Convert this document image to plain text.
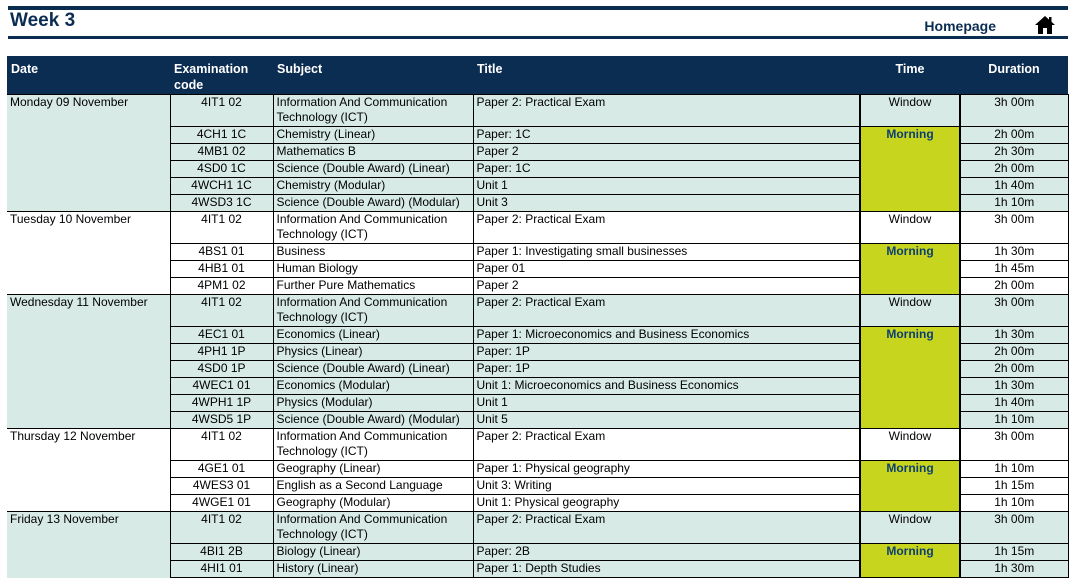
Week 3	Homepage
Date	Examination code	Subject	Title	Time	Duration
Monday 09 November	4IT1 02	Information And Communication Technology (ICT)	Paper 2: Practical Exam	Window	3h 00m
	4CH1 1C	Chemistry (Linear)	Paper: 1C	Morning	2h 00m
	4MB1 02	Mathematics B	Paper 2		2h 30m
	4SD0 1C	Science (Double Award) (Linear)	Paper: 1C		2h 00m
	4WCH1 1C	Chemistry (Modular)	Unit 1		1h 40m
	4WSD3 1C	Science (Double Award) (Modular)	Unit 3		1h 10m
Tuesday 10 November	4IT1 02	Information And Communication Technology (ICT)	Paper 2: Practical Exam	Window	3h 00m
	4BS1 01	Business	Paper 1: Investigating small businesses	Morning	1h 30m
	4HB1 01	Human Biology	Paper 01		1h 45m
	4PM1 02	Further Pure Mathematics	Paper 2		2h 00m
Wednesday 11 November	4IT1 02	Information And Communication Technology (ICT)	Paper 2: Practical Exam	Window	3h 00m
	4EC1 01	Economics (Linear)	Paper 1: Microeconomics and Business Economics	Morning	1h 30m
	4PH1 1P	Physics (Linear)	Paper: 1P		2h 00m
	4SD0 1P	Science (Double Award) (Linear)	Paper: 1P		2h 00m
	4WEC1 01	Economics (Modular)	Unit 1: Microeconomics and Business Economics		1h 30m
	4WPH1 1P	Physics (Modular)	Unit 1		1h 40m
	4WSD5 1P	Science (Double Award) (Modular)	Unit 5		1h 10m
Thursday 12 November	4IT1 02	Information And Communication Technology (ICT)	Paper 2: Practical Exam	Window	3h 00m
	4GE1 01	Geography (Linear)	Paper 1: Physical geography	Morning	1h 10m
	4WES3 01	English as a Second Language	Unit 3: Writing		1h 15m
	4WGE1 01	Geography (Modular)	Unit 1: Physical geography		1h 10m
Friday 13 November	4IT1 02	Information And Communication Technology (ICT)	Paper 2: Practical Exam	Window	3h 00m
	4BI1 2B	Biology (Linear)	Paper: 2B	Morning	1h 15m
	4HI1 01	History (Linear)	Paper 1: Depth Studies		1h 30m
